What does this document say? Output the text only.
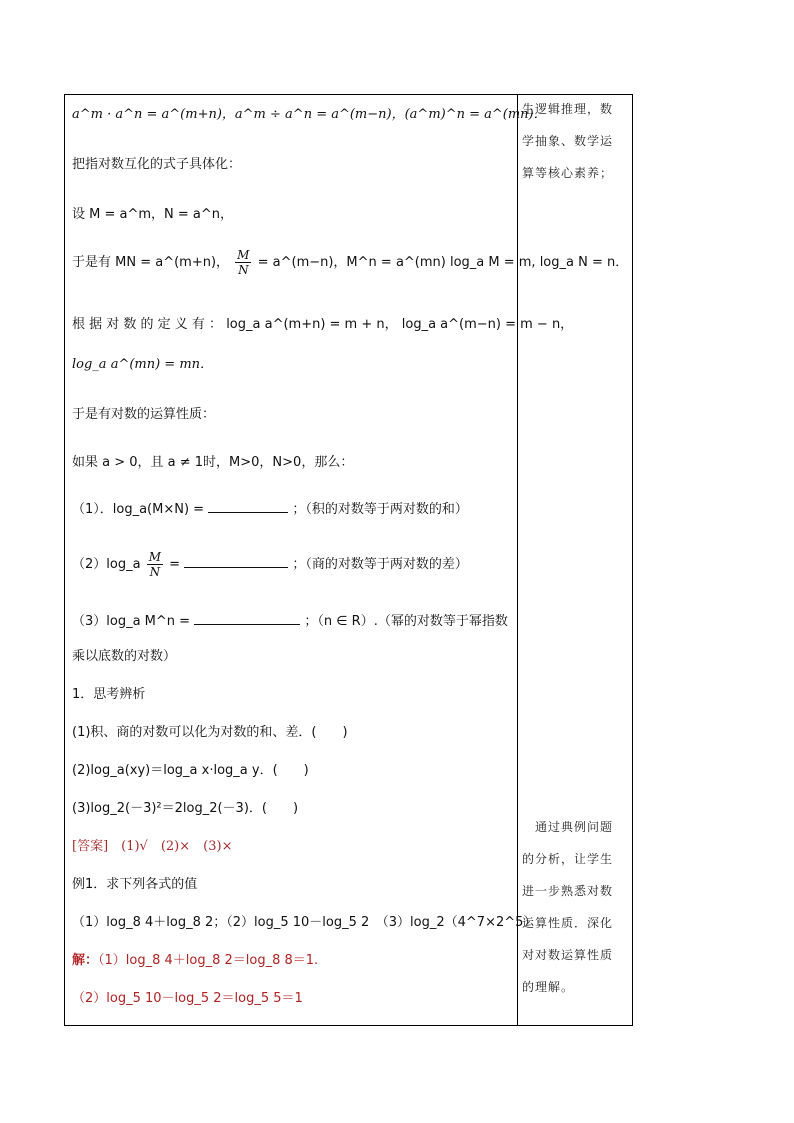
a^m · a^n = a^(m+n)，a^m ÷ a^n = a^(m−n)，(a^m)^n = a^(mn)．
把指对数互化的式子具体化：
设 M = a^m，N = a^n，
于是有 MN = a^(m+n)， $\frac{M}{N}$ = a^(m−n)，M^n = a^(mn) log_a M = m, log_a N = n．
根 据 对 数 的 定 义 有 ： log_a a^(m+n) = m + n， log_a a^(m−n) = m − n，
log_a a^(mn) = mn．
于是有对数的运算性质：
如果 a > 0，且 a ≠ 1时，M>0，N>0，那么：
（1）．log_a(M×N) =	；（积的对数等于两对数的和）
（2）log_a $\frac{M}{N}$ =	；（商的对数等于两对数的差）
（3）log_a M^n =	；（n ∈ R）.（幂的对数等于幂指数
乘以底数的对数）
1．思考辨析
(1)积、商的对数可以化为对数的和、差．(　　)
(2)log_a(xy)＝log_a x·log_a y．(　　)
(3)log_2(－3)²＝2log_2(－3)．(　　)
[答案]　(1)√　(2)×　(3)×
例1．求下列各式的值
（1）log_8 4＋log_8 2；（2）log_5 10－log_5 2　（3）log_2（4^7×2^5）
解：（1）log_8 4＋log_8 2＝log_8 8＝1.
（2）log_5 10－log_5 2＝log_5 5＝1
生逻辑推理，数
学抽象、数学运
算等核心素养；
　通过典例问题
的分析，让学生
进一步熟悉对数
运算性质．深化
对对数运算性质
的理解。
